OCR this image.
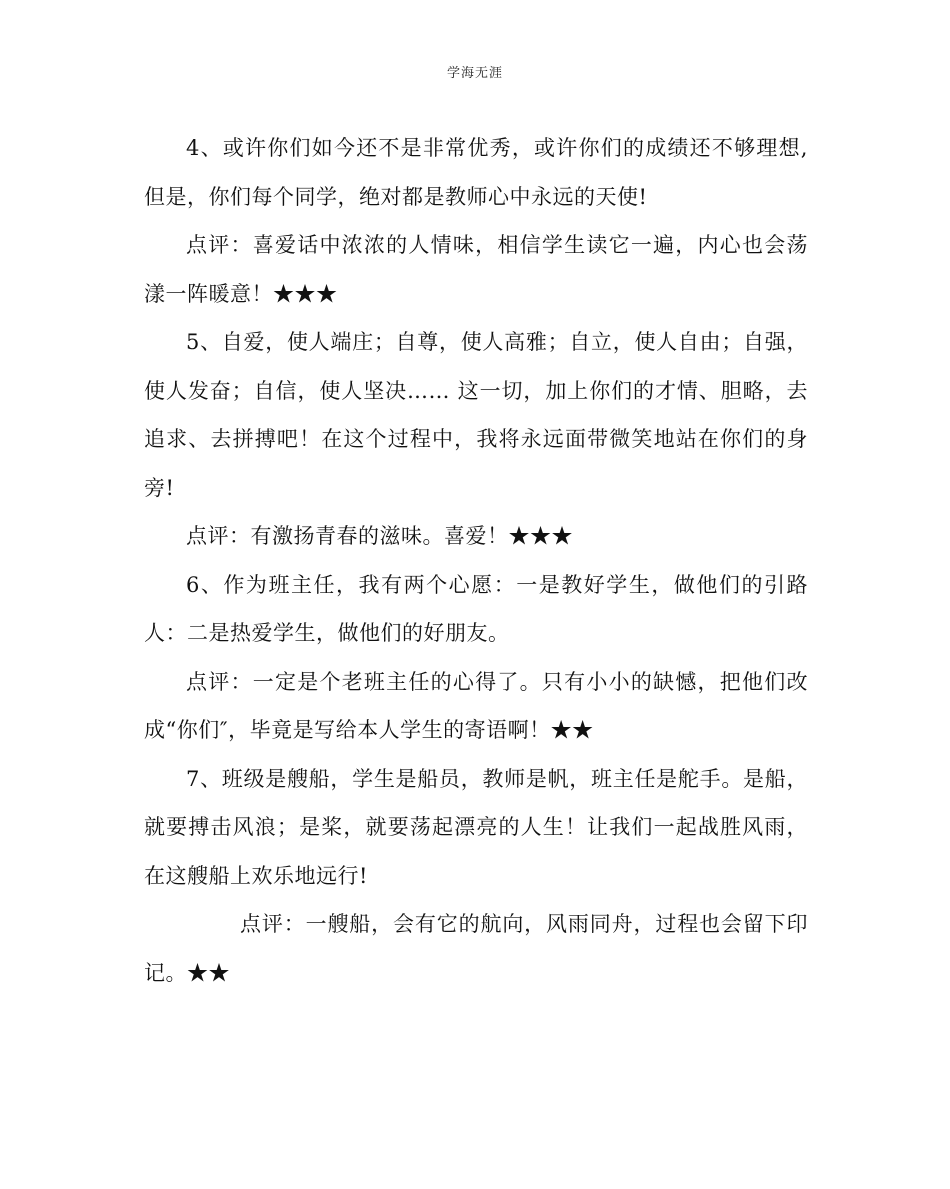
学海无涯

4、或许你们如今还不是非常优秀，或许你们的成绩还不够理想,但是，你们每个同学，绝对都是教师心中永远的天使!

点评：喜爱话中浓浓的人情味，相信学生读它一遍，内心也会荡漾一阵暖意！★★★

5、自爱，使人端庄；自尊，使人高雅；自立，使人自由；自强，使人发奋；自信，使人坚决…… 这一切，加上你们的才情、胆略，去追求、去拼搏吧！在这个过程中，我将永远面带微笑地站在你们的身旁!

点评：有激扬青春的滋味。喜爱！★★★

6、作为班主任，我有两个心愿：一是教好学生，做他们的引路人：二是热爱学生，做他们的好朋友。

点评：一定是个老班主任的心得了。只有小小的缺憾，把他们改成“你们″，毕竟是写给本人学生的寄语啊！★★

7、班级是艘船，学生是船员，教师是帆，班主任是舵手。是船，就要搏击风浪；是桨，就要荡起漂亮的人生！让我们一起战胜风雨，在这艘船上欢乐地远行!

点评：一艘船，会有它的航向，风雨同舟，过程也会留下印记。★★
